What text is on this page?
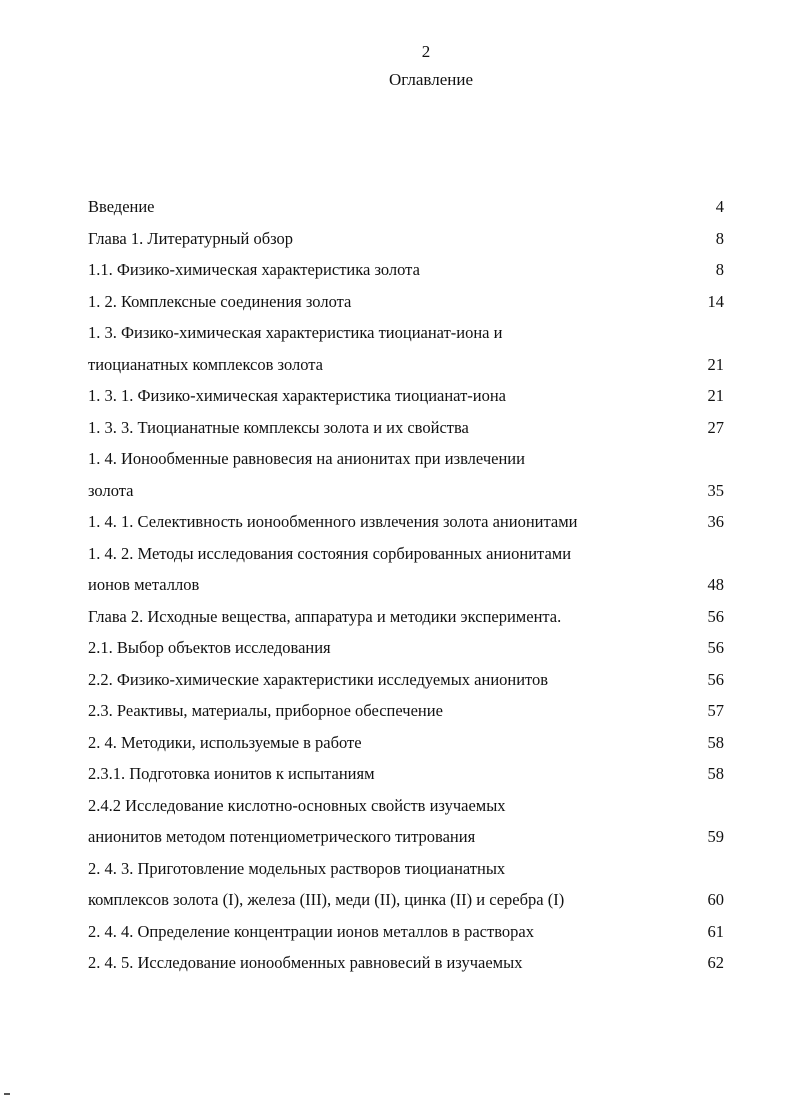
2
Оглавление
Введение	4
Глава 1. Литературный обзор	8
1.1. Физико-химическая характеристика золота	8
1. 2. Комплексные соединения золота	14
1. 3. Физико-химическая характеристика тиоцианат-иона и
тиоцианатных комплексов золота	21
1. 3. 1. Физико-химическая характеристика тиоцианат-иона	21
1. 3. 3. Тиоцианатные комплексы золота и их свойства	27
1. 4. Ионообменные равновесия на анионитах при извлечении
золота	35
1. 4. 1. Селективность ионообменного извлечения золота анионитами	36
1. 4. 2. Методы исследования состояния сорбированных анионитами
ионов металлов	48
Глава 2. Исходные вещества, аппаратура и методики эксперимента.	56
2.1. Выбор объектов исследования	56
2.2. Физико-химические характеристики исследуемых анионитов	56
2.3. Реактивы, материалы, приборное обеспечение	57
2. 4. Методики, используемые в работе	58
2.3.1. Подготовка ионитов к испытаниям	58
2.4.2 Исследование кислотно-основных свойств изучаемых
анионитов методом потенциометрического титрования	59
2. 4. 3. Приготовление модельных растворов тиоцианатных
комплексов золота (I), железа (III), меди (II), цинка (II) и серебра (I)	60
2. 4. 4. Определение концентрации ионов металлов в растворах	61
2. 4. 5. Исследование ионообменных равновесий в изучаемых	62
